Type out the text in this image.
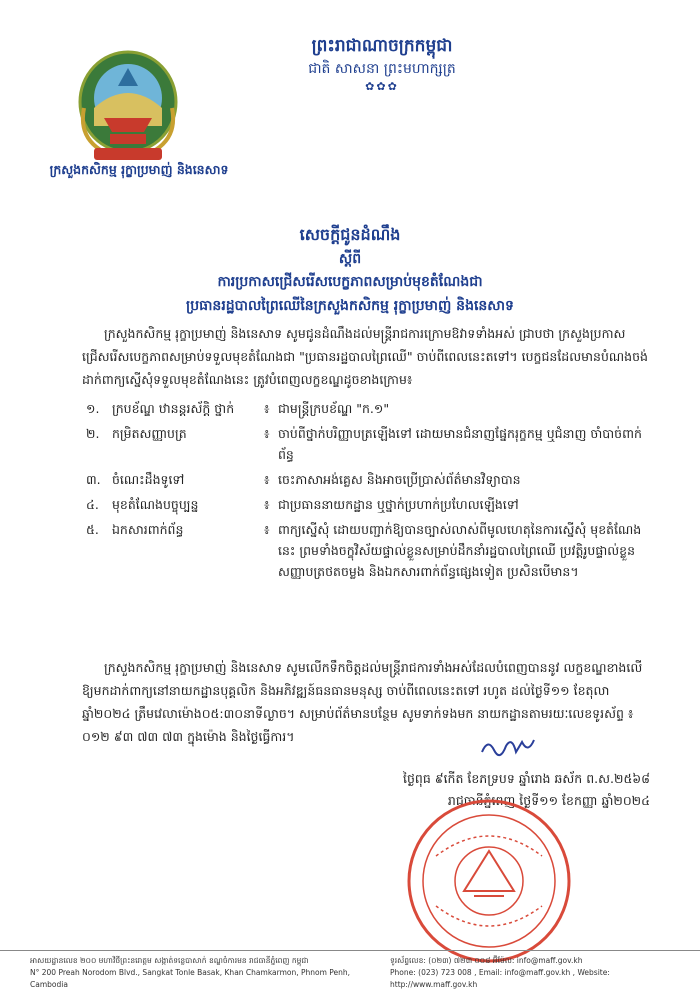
ព្រះរាជាណាចក្រកម្ពុជា
ជាតិ សាសនា ព្រះមហាក្សត្រ
✿✿✿
ក្រសួងកសិកម្ម រុក្ខាប្រមាញ់ និងនេសាទ
សេចក្តីជូនដំណឹង
ស្តីពី
ការប្រកាសជ្រើសរើសបេក្ខភាពសម្រាប់មុខតំណែងជា
ប្រធានរដ្ឋបាលព្រៃឈើនៃក្រសួងកសិកម្ម រុក្ខាប្រមាញ់ និងនេសាទ
ក្រសួងកសិកម្ម រុក្ខាប្រមាញ់ និងនេសាទ សូមជូនដំណឹងដល់មន្ត្រីរាជការក្រោមឱវាទទាំងអស់ ជ្រាបថា ក្រសួងប្រកាសជ្រើសរើសបេក្ខភាពសម្រាប់ទទួលមុខតំណែងជា "ប្រធានរដ្ឋបាលព្រៃឈើ" ចាប់ពីពេលនេះតទៅ។ បេក្ខជនដែលមានបំណងចង់ដាក់ពាក្យស្នើសុំទទួលមុខតំណែងនេះ ត្រូវបំពេញលក្ខខណ្ឌដូចខាងក្រោម៖
១.	ក្របខ័ណ្ឌ ឋានន្តរស័ក្តិ ថ្នាក់	៖ ជាមន្ត្រីក្របខ័ណ្ឌ "ក.១"
២.	កម្រិតសញ្ញាបត្រ	៖ ចាប់ពីថ្នាក់បរិញ្ញាបត្រឡើងទៅ ដោយមានជំនាញផ្នែករុក្ខកម្ម ឬជំនាញ ចាំបាច់ពាក់ព័ន្ធ
៣. ចំណេះដឹងទូទៅ	៖ ចេះភាសាអង់គ្លេស និងអាចប្រើប្រាស់ព័ត៌មានវិទ្យាបាន
៤.	មុខតំណែងបច្ចុប្បន្ន	៖ ជាប្រធាននាយកដ្ឋាន ឬថ្នាក់ប្រហាក់ប្រហែលឡើងទៅ
៥.	ឯកសារពាក់ព័ន្ធ	៖ ពាក្យស្នើសុំ ដោយបញ្ជាក់ឱ្យបានច្បាស់លាស់ពីមូលហេតុនៃការស្នើសុំ មុខតំណែងនេះ ព្រមទាំងចក្ខុវិស័យផ្ទាល់ខ្លួនសម្រាប់ដឹកនាំរដ្ឋបាលព្រៃឈើ ប្រវត្តិរូបផ្ទាល់ខ្លួន សញ្ញាបត្រថតចម្លង និងឯកសារពាក់ព័ន្ធផ្សេងទៀត ប្រសិនបើមាន។
ក្រសួងកសិកម្ម រុក្ខាប្រមាញ់ និងនេសាទ សូមលើកទឹកចិត្តដល់មន្ត្រីរាជការទាំងអស់ដែលបំពេញបាននូវ លក្ខខណ្ឌខាងលើ ឱ្យមកដាក់ពាក្យនៅនាយកដ្ឋានបុគ្គលិក និងអភិវឌ្ឍន៍ធនធានមនុស្ស ចាប់ពីពេលនេះតទៅ រហូត ដល់ថ្ងៃទី១១ ខែតុលា ឆ្នាំ២០២៤ ត្រឹមវេលាម៉ោង០៥:៣០នាទីល្ងាច។ សម្រាប់ព័ត៌មានបន្ថែម សូមទាក់ទងមក នាយកដ្ឋានតាមរយៈលេខទូរស័ព្ទ ៖ ០១២ ៩៣ ៧៣ ៧៣ ក្នុងម៉ោង និងថ្ងៃធ្វើការ។
ថ្ងៃពុធ ៩កើត ខែភទ្របទ ឆ្នាំរោង ឆស័ក ព.ស.២៥៦៨
រាជធានីភ្នំពេញ ថ្ងៃទី១១ ខែកញ្ញា ឆ្នាំ២០២៤
អាសយដ្ឋានលេខ ២០០ មហាវិថីព្រះនរោត្តម សង្កាត់ទន្លេបាសាក់ ខណ្ឌចំការមន រាជធានីភ្នំពេញ កម្ពុជា
N° 200 Preah Norodom Blvd., Sangkat Tonle Basak, Khan Chamkarmon, Phnom Penh, Cambodia
ទូរស័ព្ទលេខ: (០២៣) ៧២៣ ០០៨ អ៊ីម៉ែល: info@maff.gov.kh
Phone: (023) 723 008 , Email: info@maff.gov.kh , Website: http://www.maff.gov.kh
